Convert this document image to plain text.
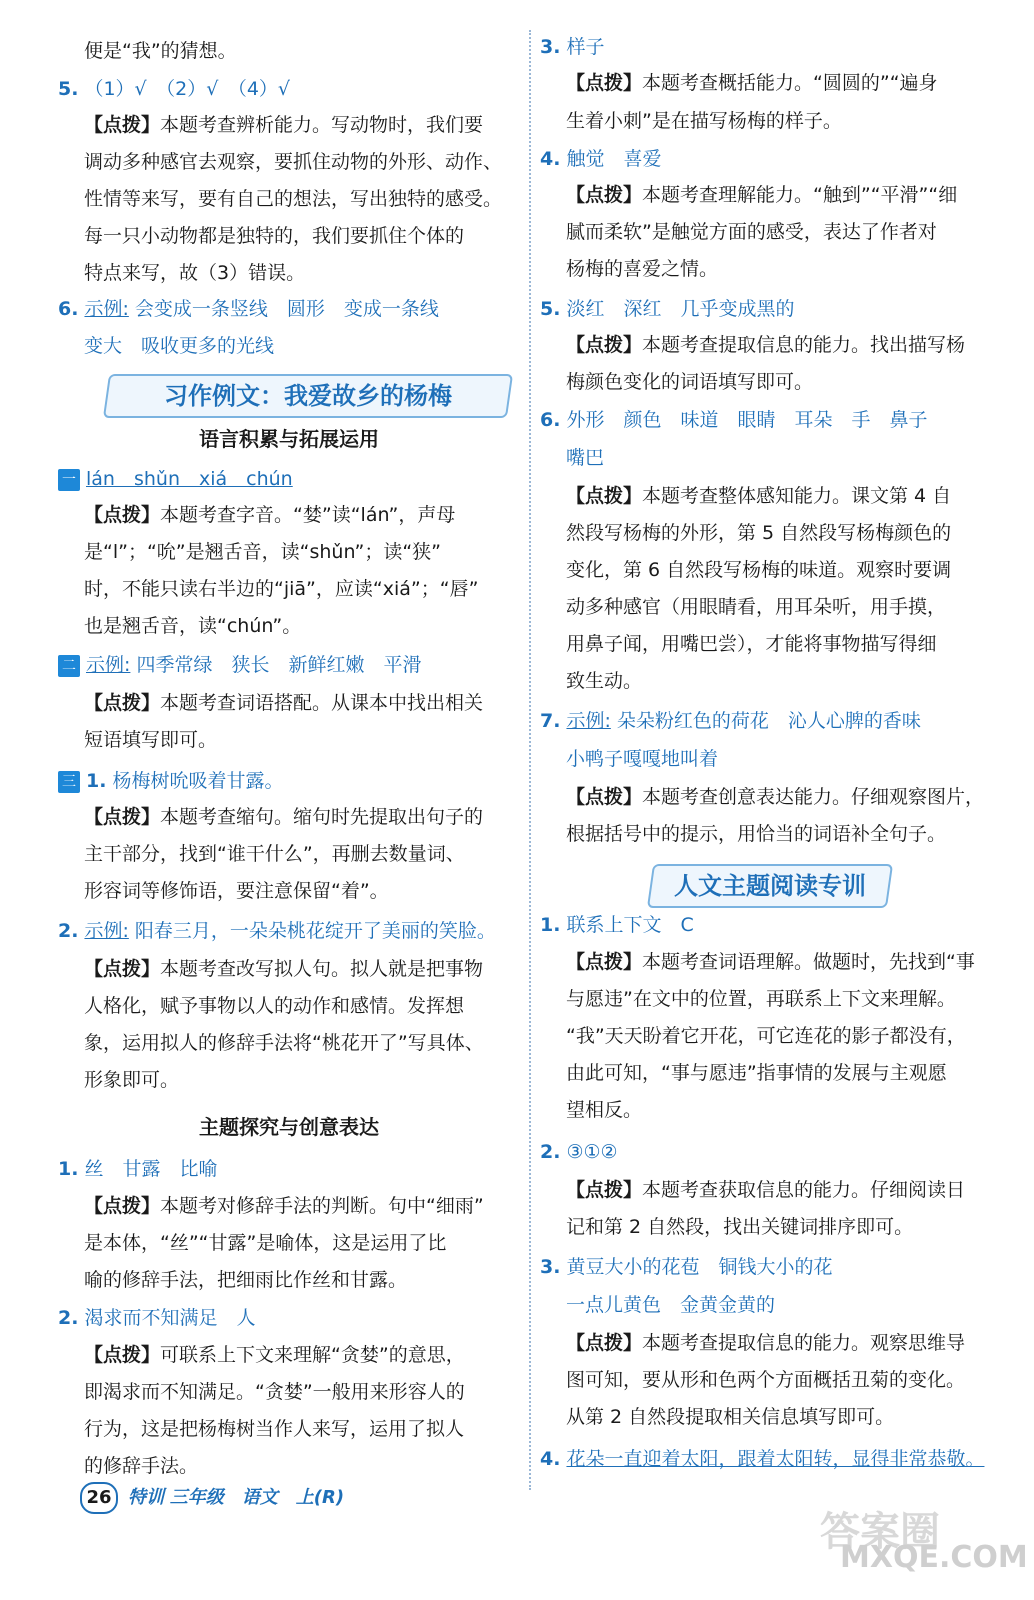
便是“我”的猜想。
5. （1）√　（2）√　（4）√
【点拨】本题考查辨析能力。写动物时，我们要
调动多种感官去观察，要抓住动物的外形、动作、
性情等来写，要有自己的想法，写出独特的感受。
每一只小动物都是独特的，我们要抓住个体的
特点来写，故（3）错误。
6. 示例: 会变成一条竖线　圆形　变成一条线
变大　吸收更多的光线
习作例文：我爱故乡的杨梅
语言积累与拓展运用
一 lán　shǔn　xiá　chún
【点拨】本题考查字音。“婪”读“lán”，声母
是“l”；“吮”是翘舌音，读“shǔn”；读“狭”
时，不能只读右半边的“jiā”，应读“xiá”；“唇”
也是翘舌音，读“chún”。
二 示例: 四季常绿　狭长　新鲜红嫩　平滑
【点拨】本题考查词语搭配。从课本中找出相关
短语填写即可。
三 1. 杨梅树吮吸着甘露。
【点拨】本题考查缩句。缩句时先提取出句子的
主干部分，找到“谁干什么”，再删去数量词、
形容词等修饰语，要注意保留“着”。
2. 示例: 阳春三月，一朵朵桃花绽开了美丽的笑脸。
【点拨】本题考查改写拟人句。拟人就是把事物
人格化，赋予事物以人的动作和感情。发挥想
象，运用拟人的修辞手法将“桃花开了”写具体、
形象即可。
主题探究与创意表达
1. 丝　甘露　比喻
【点拨】本题考对修辞手法的判断。句中“细雨”
是本体，“丝”“甘露”是喻体，这是运用了比
喻的修辞手法，把细雨比作丝和甘露。
2. 渴求而不知满足　人
【点拨】可联系上下文来理解“贪婪”的意思，
即渴求而不知满足。“贪婪”一般用来形容人的
行为，这是把杨梅树当作人来写，运用了拟人
的修辞手法。
3. 样子
【点拨】本题考查概括能力。“圆圆的”“遍身
生着小刺”是在描写杨梅的样子。
4. 触觉　喜爱
【点拨】本题考查理解能力。“触到”“平滑”“细
腻而柔软”是触觉方面的感受，表达了作者对
杨梅的喜爱之情。
5. 淡红　深红　几乎变成黑的
【点拨】本题考查提取信息的能力。找出描写杨
梅颜色变化的词语填写即可。
6. 外形　颜色　味道　眼睛　耳朵　手　鼻子
嘴巴
【点拨】本题考查整体感知能力。课文第 4 自
然段写杨梅的外形，第 5 自然段写杨梅颜色的
变化，第 6 自然段写杨梅的味道。观察时要调
动多种感官（用眼睛看，用耳朵听，用手摸，
用鼻子闻，用嘴巴尝），才能将事物描写得细
致生动。
7. 示例: 朵朵粉红色的荷花　沁人心脾的香味
小鸭子嘎嘎地叫着
【点拨】本题考查创意表达能力。仔细观察图片，
根据括号中的提示，用恰当的词语补全句子。
人文主题阅读专训
1. 联系上下文　C
【点拨】本题考查词语理解。做题时，先找到“事
与愿违”在文中的位置，再联系上下文来理解。
“我”天天盼着它开花，可它连花的影子都没有，
由此可知，“事与愿违”指事情的发展与主观愿
望相反。
2. ③①②
【点拨】本题考查获取信息的能力。仔细阅读日
记和第 2 自然段，找出关键词排序即可。
3. 黄豆大小的花苞　铜钱大小的花
一点儿黄色　金黄金黄的
【点拨】本题考查提取信息的能力。观察思维导
图可知，要从形和色两个方面概括丑菊的变化。
从第 2 自然段提取相关信息填写即可。
4. 花朵一直迎着太阳，跟着太阳转，显得非常恭敬。
26 特训 三年级　语文　上(R)
答案圈
MXQE.COM
